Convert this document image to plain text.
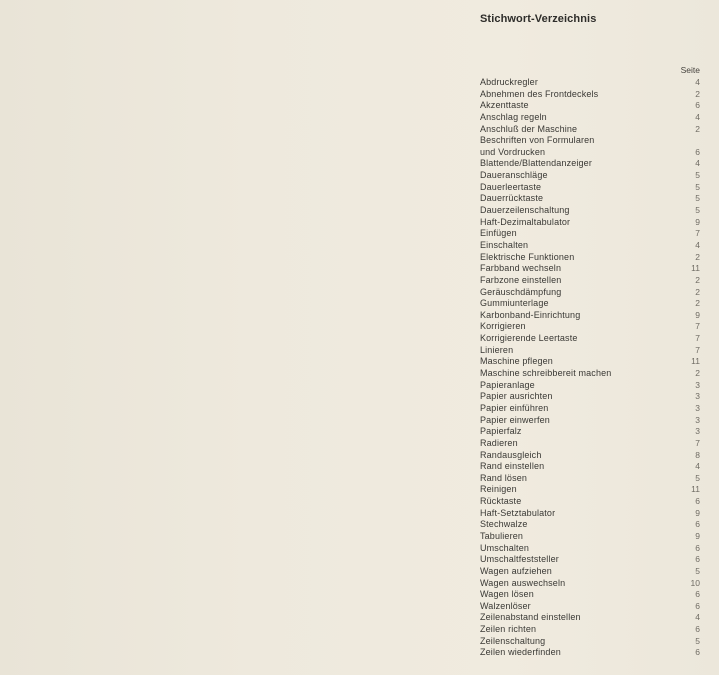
Stichwort-Verzeichnis
Seite
Abdruckregler	4
Abnehmen des Frontdeckels	2
Akzenttaste	6
Anschlag regeln	4
Anschluß der Maschine	2
Beschriften von Formularen
und Vordrucken	6
Blattende/Blattendanzeiger	4
Daueranschläge	5
Dauerleertaste	5
Dauerrücktaste	5
Dauerzeilenschaltung	5
Haft-Dezimaltabulator	9
Einfügen	7
Einschalten	4
Elektrische Funktionen	2
Farbband wechseln	11
Farbzone einstellen	2
Geräuschdämpfung	2
Gummiunterlage	2
Karbonband-Einrichtung	9
Korrigieren	7
Korrigierende Leertaste	7
Linieren	7
Maschine pflegen	11
Maschine schreibbereit machen	2
Papieranlage	3
Papier ausrichten	3
Papier einführen	3
Papier einwerfen	3
Papierfalz	3
Radieren	7
Randausgleich	8
Rand einstellen	4
Rand lösen	5
Reinigen	11
Rücktaste	6
Haft-Setztabulator	9
Stechwalze	6
Tabulieren	9
Umschalten	6
Umschaltfeststeller	6
Wagen aufziehen	5
Wagen auswechseln	10
Wagen lösen	6
Walzenlöser	6
Zeilenabstand einstellen	4
Zeilen richten	6
Zeilenschaltung	5
Zeilen wiederfinden	6
